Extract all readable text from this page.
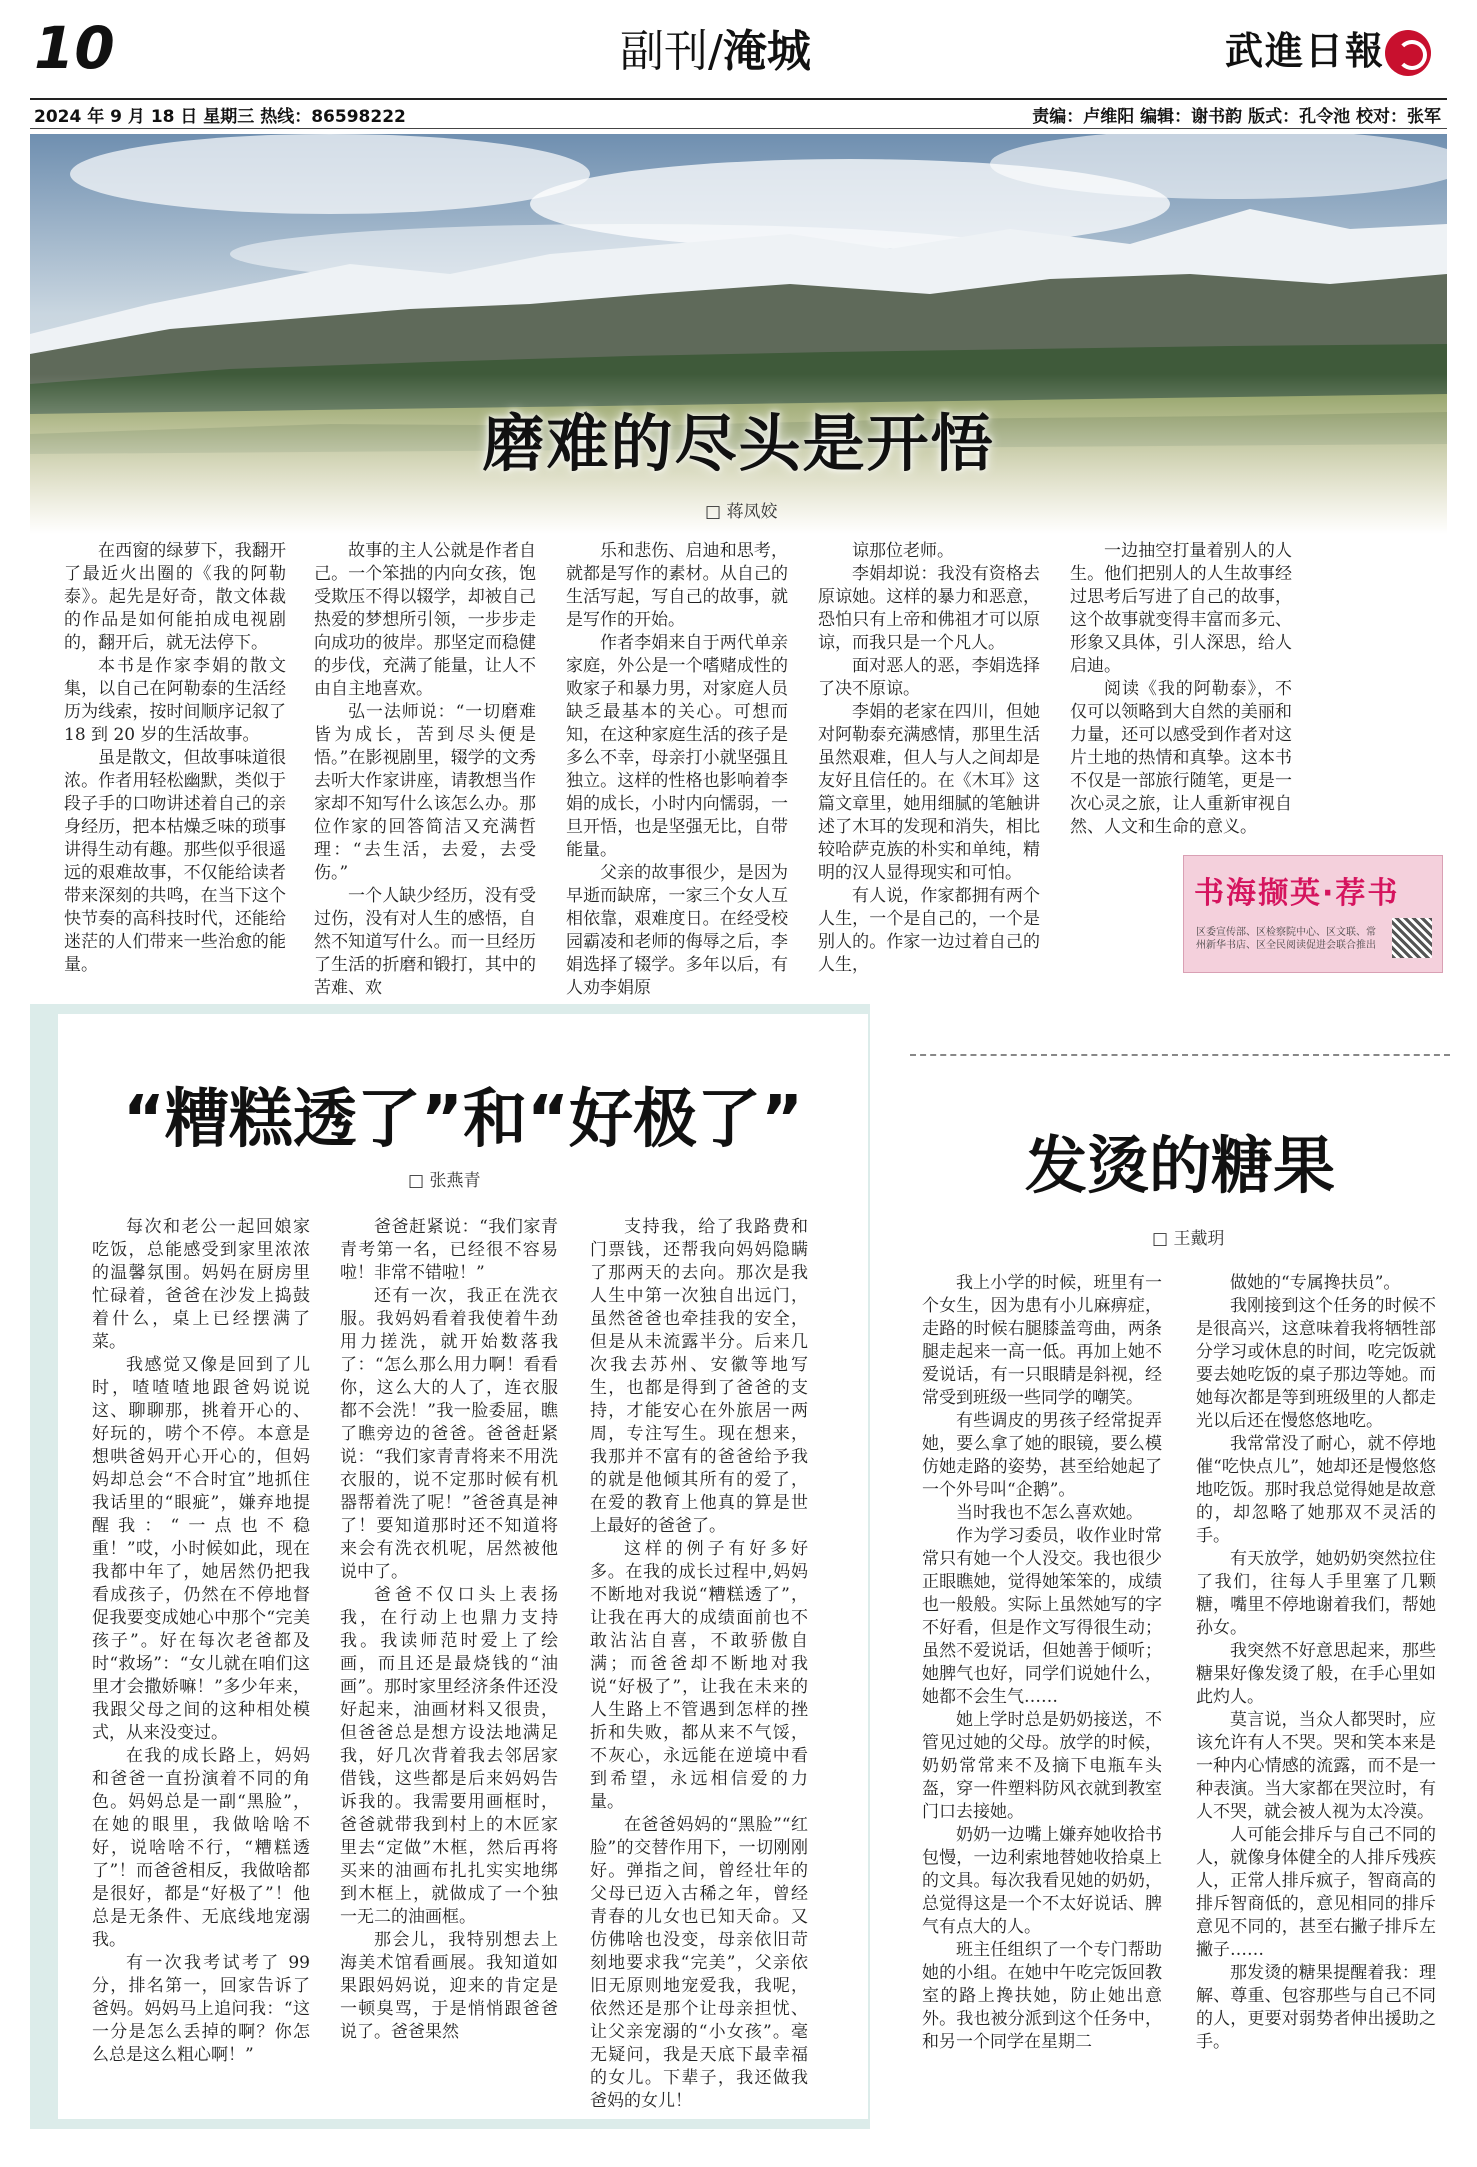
10	副刊/淹城	武進日報
2024 年 9 月 18 日 星期三 热线：86598222	责编：卢维阳 编辑：谢书韵 版式：孔令池 校对：张军
磨难的尽头是开悟
□ 蒋凤姣

在西窗的绿萝下，我翻开了最近火出圈的《我的阿勒泰》。起先是好奇，散文体裁的作品是如何能拍成电视剧的，翻开后，就无法停下。

本书是作家李娟的散文集，以自己在阿勒泰的生活经历为线索，按时间顺序记叙了 18 到 20 岁的生活故事。

虽是散文，但故事味道很浓。作者用轻松幽默，类似于段子手的口吻讲述着自己的亲身经历，把本枯燥乏味的琐事讲得生动有趣。那些似乎很遥远的艰难故事，不仅能给读者带来深刻的共鸣，在当下这个快节奏的高科技时代，还能给迷茫的人们带来一些治愈的能量。

故事的主人公就是作者自己。一个笨拙的内向女孩，饱受欺压不得以辍学，却被自己热爱的梦想所引领，一步步走向成功的彼岸。那坚定而稳健的步伐，充满了能量，让人不由自主地喜欢。

弘一法师说：“一切磨难皆为成长，苦到尽头便是悟。”在影视剧里，辍学的文秀去听大作家讲座，请教想当作家却不知写什么该怎么办。那位作家的回答简洁又充满哲理：“去生活，去爱，去受伤。”

一个人缺少经历，没有受过伤，没有对人生的感悟，自然不知道写什么。而一旦经历了生活的折磨和锻打，其中的苦难、欢

乐和悲伤、启迪和思考，就都是写作的素材。从自己的生活写起，写自己的故事，就是写作的开始。

作者李娟来自于两代单亲家庭，外公是一个嗜赌成性的败家子和暴力男，对家庭人员缺乏最基本的关心。可想而知，在这种家庭生活的孩子是多么不幸，母亲打小就坚强且独立。这样的性格也影响着李娟的成长，小时内向懦弱，一旦开悟，也是坚强无比，自带能量。

父亲的故事很少，是因为早逝而缺席，一家三个女人互相依靠，艰难度日。在经受校园霸凌和老师的侮辱之后，李娟选择了辍学。多年以后，有人劝李娟原

谅那位老师。

李娟却说：我没有资格去原谅她。这样的暴力和恶意，恐怕只有上帝和佛祖才可以原谅，而我只是一个凡人。

面对恶人的恶，李娟选择了决不原谅。

李娟的老家在四川，但她对阿勒泰充满感情，那里生活虽然艰难，但人与人之间却是友好且信任的。在《木耳》这篇文章里，她用细腻的笔触讲述了木耳的发现和消失，相比较哈萨克族的朴实和单纯，精明的汉人显得现实和可怕。

有人说，作家都拥有两个人生，一个是自己的，一个是别人的。作家一边过着自己的人生，

一边抽空打量着别人的人生。他们把别人的人生故事经过思考后写进了自己的故事，这个故事就变得丰富而多元、形象又具体，引人深思，给人启迪。

阅读《我的阿勒泰》，不仅可以领略到大自然的美丽和力量，还可以感受到作者对这片土地的热情和真挚。这本书不仅是一部旅行随笔，更是一次心灵之旅，让人重新审视自然、人文和生命的意义。

书海撷英·荐书
区委宣传部、区检察院中心、区文联、常州新华书店、区全民阅读促进会联合推出
“糟糕透了”和“好极了”
□ 张燕青

每次和老公一起回娘家吃饭，总能感受到家里浓浓的温馨氛围。妈妈在厨房里忙碌着，爸爸在沙发上捣鼓着什么，桌上已经摆满了菜。

我感觉又像是回到了儿时，喳喳喳地跟爸妈说说这、聊聊那，挑着开心的、好玩的，唠个不停。本意是想哄爸妈开心开心的，但妈妈却总会“不合时宜”地抓住我话里的“眼疵”，嫌弃地提醒我：“一点也不稳重！”哎，小时候如此，现在我都中年了，她居然仍把我看成孩子，仍然在不停地督促我要变成她心中那个“完美孩子”。好在每次老爸都及时“救场”：“女儿就在咱们这里才会撒娇嘛！”多少年来，我跟父母之间的这种相处模式，从来没变过。

在我的成长路上，妈妈和爸爸一直扮演着不同的角色。妈妈总是一副“黑脸”，在她的眼里，我做啥啥不好，说啥啥不行，“糟糕透了”！而爸爸相反，我做啥都是很好，都是“好极了”！他总是无条件、无底线地宠溺我。

有一次我考试考了 99 分，排名第一，回家告诉了爸妈。妈妈马上追问我：“这一分是怎么丢掉的啊？你怎么总是这么粗心啊！”

爸爸赶紧说：“我们家青青考第一名，已经很不容易啦！非常不错啦！”

还有一次，我正在洗衣服。我妈妈看着我使着牛劲用力搓洗，就开始数落我了：“怎么那么用力啊！看看你，这么大的人了，连衣服都不会洗！”我一脸委屈，瞧了瞧旁边的爸爸。爸爸赶紧说：“我们家青青将来不用洗衣服的，说不定那时候有机器帮着洗了呢！”爸爸真是神了！要知道那时还不知道将来会有洗衣机呢，居然被他说中了。

爸爸不仅口头上表扬我，在行动上也鼎力支持我。我读师范时爱上了绘画，而且还是最烧钱的“油画”。那时家里经济条件还没好起来，油画材料又很贵，但爸爸总是想方设法地满足我，好几次背着我去邻居家借钱，这些都是后来妈妈告诉我的。我需要用画框时，爸爸就带我到村上的木匠家里去“定做”木框，然后再将买来的油画布扎扎实实地绑到木框上，就做成了一个独一无二的油画框。

那会儿，我特别想去上海美术馆看画展。我知道如果跟妈妈说，迎来的肯定是一顿臭骂，于是悄悄跟爸爸说了。爸爸果然

支持我，给了我路费和门票钱，还帮我向妈妈隐瞒了那两天的去向。那次是我人生中第一次独自出远门，虽然爸爸也牵挂我的安全，但是从未流露半分。后来几次我去苏州、安徽等地写生，也都是得到了爸爸的支持，才能安心在外旅居一两周，专注写生。现在想来，我那并不富有的爸爸给予我的就是他倾其所有的爱了，在爱的教育上他真的算是世上最好的爸爸了。

这样的例子有好多好多。在我的成长过程中,妈妈不断地对我说“糟糕透了”，让我在再大的成绩面前也不敢沾沾自喜，不敢骄傲自满；而爸爸却不断地对我说“好极了”，让我在未来的人生路上不管遇到怎样的挫折和失败，都从来不气馁，不灰心，永远能在逆境中看到希望，永远相信爱的力量。

在爸爸妈妈的“黑脸”“红脸”的交替作用下，一切刚刚好。弹指之间，曾经壮年的父母已迈入古稀之年，曾经青春的儿女也已知天命。又仿佛啥也没变，母亲依旧苛刻地要求我“完美”，父亲依旧无原则地宠爱我，我呢，依然还是那个让母亲担忧、让父亲宠溺的“小女孩”。毫无疑问，我是天底下最幸福的女儿。下辈子，我还做我爸妈的女儿！

发烫的糖果
□ 王戴玥

我上小学的时候，班里有一个女生，因为患有小儿麻痹症，走路的时候右腿膝盖弯曲，两条腿走起来一高一低。再加上她不爱说话，有一只眼睛是斜视，经常受到班级一些同学的嘲笑。

有些调皮的男孩子经常捉弄她，要么拿了她的眼镜，要么模仿她走路的姿势，甚至给她起了一个外号叫“企鹅”。

当时我也不怎么喜欢她。

作为学习委员，收作业时常常只有她一个人没交。我也很少正眼瞧她，觉得她笨笨的，成绩也一般般。实际上虽然她写的字不好看，但是作文写得很生动；虽然不爱说话，但她善于倾听；她脾气也好，同学们说她什么，她都不会生气……

她上学时总是奶奶接送，不管见过她的父母。放学的时候，奶奶常常来不及摘下电瓶车头盔，穿一件塑料防风衣就到教室门口去接她。

奶奶一边嘴上嫌弃她收拾书包慢，一边利索地替她收拾桌上的文具。每次我看见她的奶奶，总觉得这是一个不太好说话、脾气有点大的人。

班主任组织了一个专门帮助她的小组。在她中午吃完饭回教室的路上搀扶她，防止她出意外。我也被分派到这个任务中，和另一个同学在星期二

做她的“专属搀扶员”。

我刚接到这个任务的时候不是很高兴，这意味着我将牺牲部分学习或休息的时间，吃完饭就要去她吃饭的桌子那边等她。而她每次都是等到班级里的人都走光以后还在慢悠悠地吃。

我常常没了耐心，就不停地催“吃快点儿”，她却还是慢悠悠地吃饭。那时我总觉得她是故意的，却忽略了她那双不灵活的手。

有天放学，她奶奶突然拉住了我们，往每人手里塞了几颗糖，嘴里不停地谢着我们，帮她孙女。

我突然不好意思起来，那些糖果好像发烫了般，在手心里如此灼人。

莫言说，当众人都哭时，应该允许有人不哭。哭和笑本来是一种内心情感的流露，而不是一种表演。当大家都在哭泣时，有人不哭，就会被人视为太冷漠。

人可能会排斥与自己不同的人，就像身体健全的人排斥残疾人，正常人排斥疯子，智商高的排斥智商低的，意见相同的排斥意见不同的，甚至右撇子排斥左撇子……

那发烫的糖果提醒着我：理解、尊重、包容那些与自己不同的人，更要对弱势者伸出援助之手。
